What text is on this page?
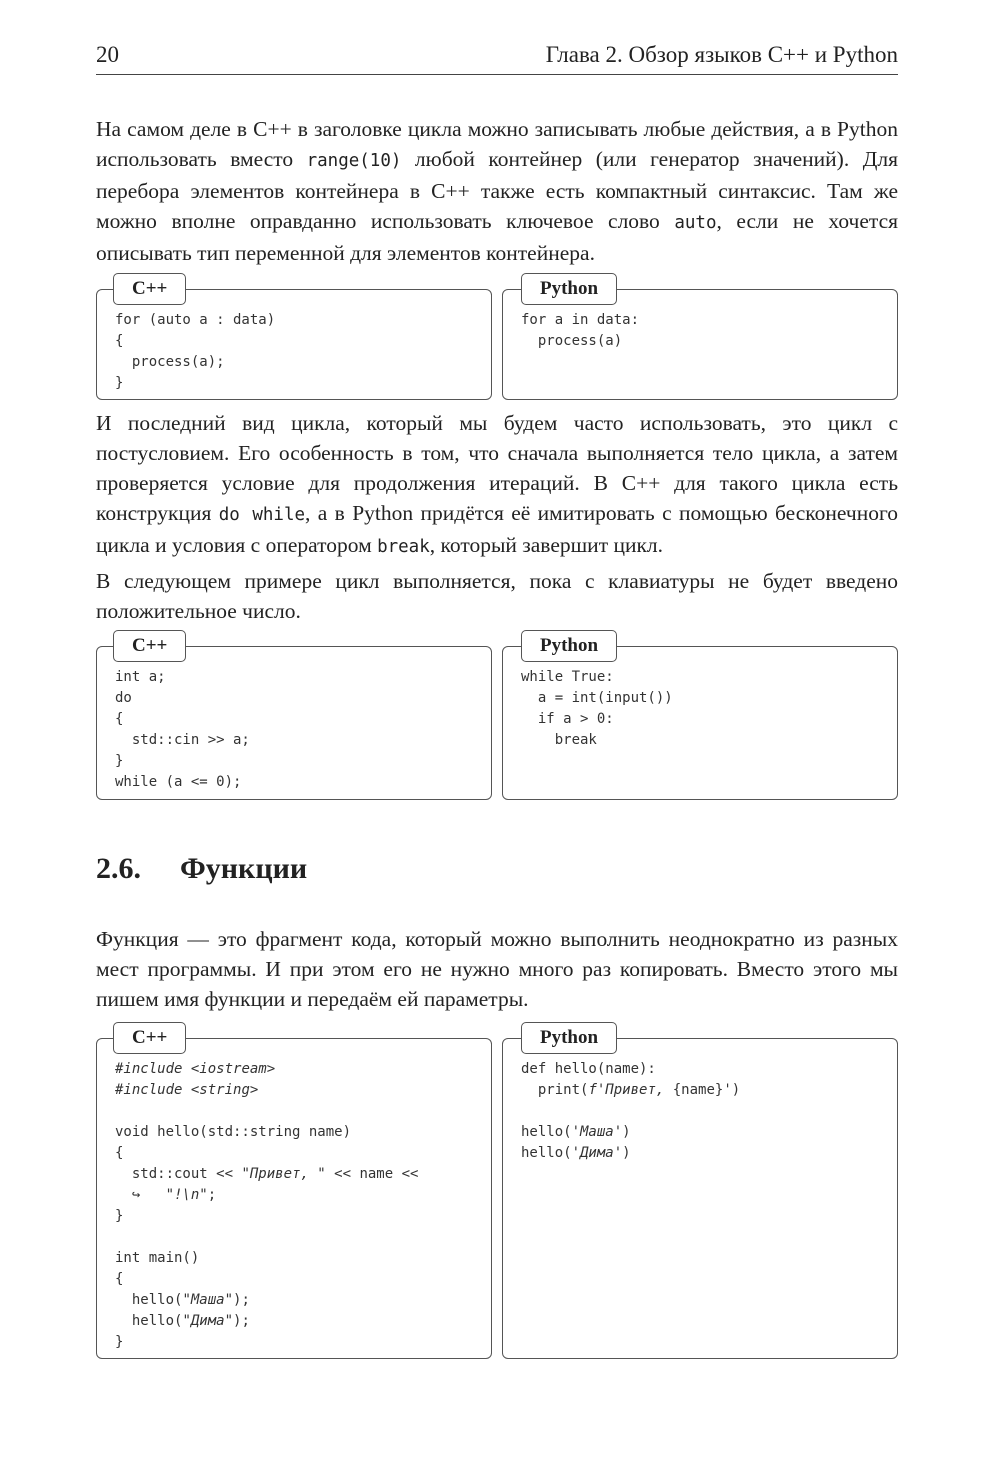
20	Глава 2. Обзор языков C++ и Python

На самом деле в C++ в заголовке цикла можно записывать любые действия, а в Python использовать вместо range(10) любой контейнер (или генератор значений). Для перебора элементов контейнера в C++ также есть компактный синтаксис. Там же можно вполне оправданно использовать ключевое слово auto, если не хочется описывать тип переменной для элементов контейнера.

C++
for (auto a : data)
{
process(a);
}
Python
for a in data:
process(a)

И последний вид цикла, который мы будем часто использовать, это цикл с постусловием. Его особенность в том, что сначала выполняется тело цикла, а затем проверяется условие для продолжения итераций. В C++ для такого цикла есть конструкция do while, а в Python придётся её имитировать с помощью бесконечного цикла и условия с оператором break, который завершит цикл.

В следующем примере цикл выполняется, пока с клавиатуры не будет введено положительное число.

C++
int a;
do
{
std::cin >> a;
}
while (a <= 0);
Python
while True:
a = int(input())
if a > 0:
break
2.6. Функции

Функция — это фрагмент кода, который можно выполнить неоднократно из разных мест программы. И при этом его не нужно много раз копировать. Вместо этого мы пишем имя функции и передаём ей параметры.

C++
#include <iostream>
#include <string>

void hello(std::string name)
{
std::cout << "Привет, " << name <<
↪   "!\n";
}

int main()
{
hello("Маша");
hello("Дима");
}
Python
def hello(name):
print(f'Привет, {name}')

hello('Маша')
hello('Дима')
